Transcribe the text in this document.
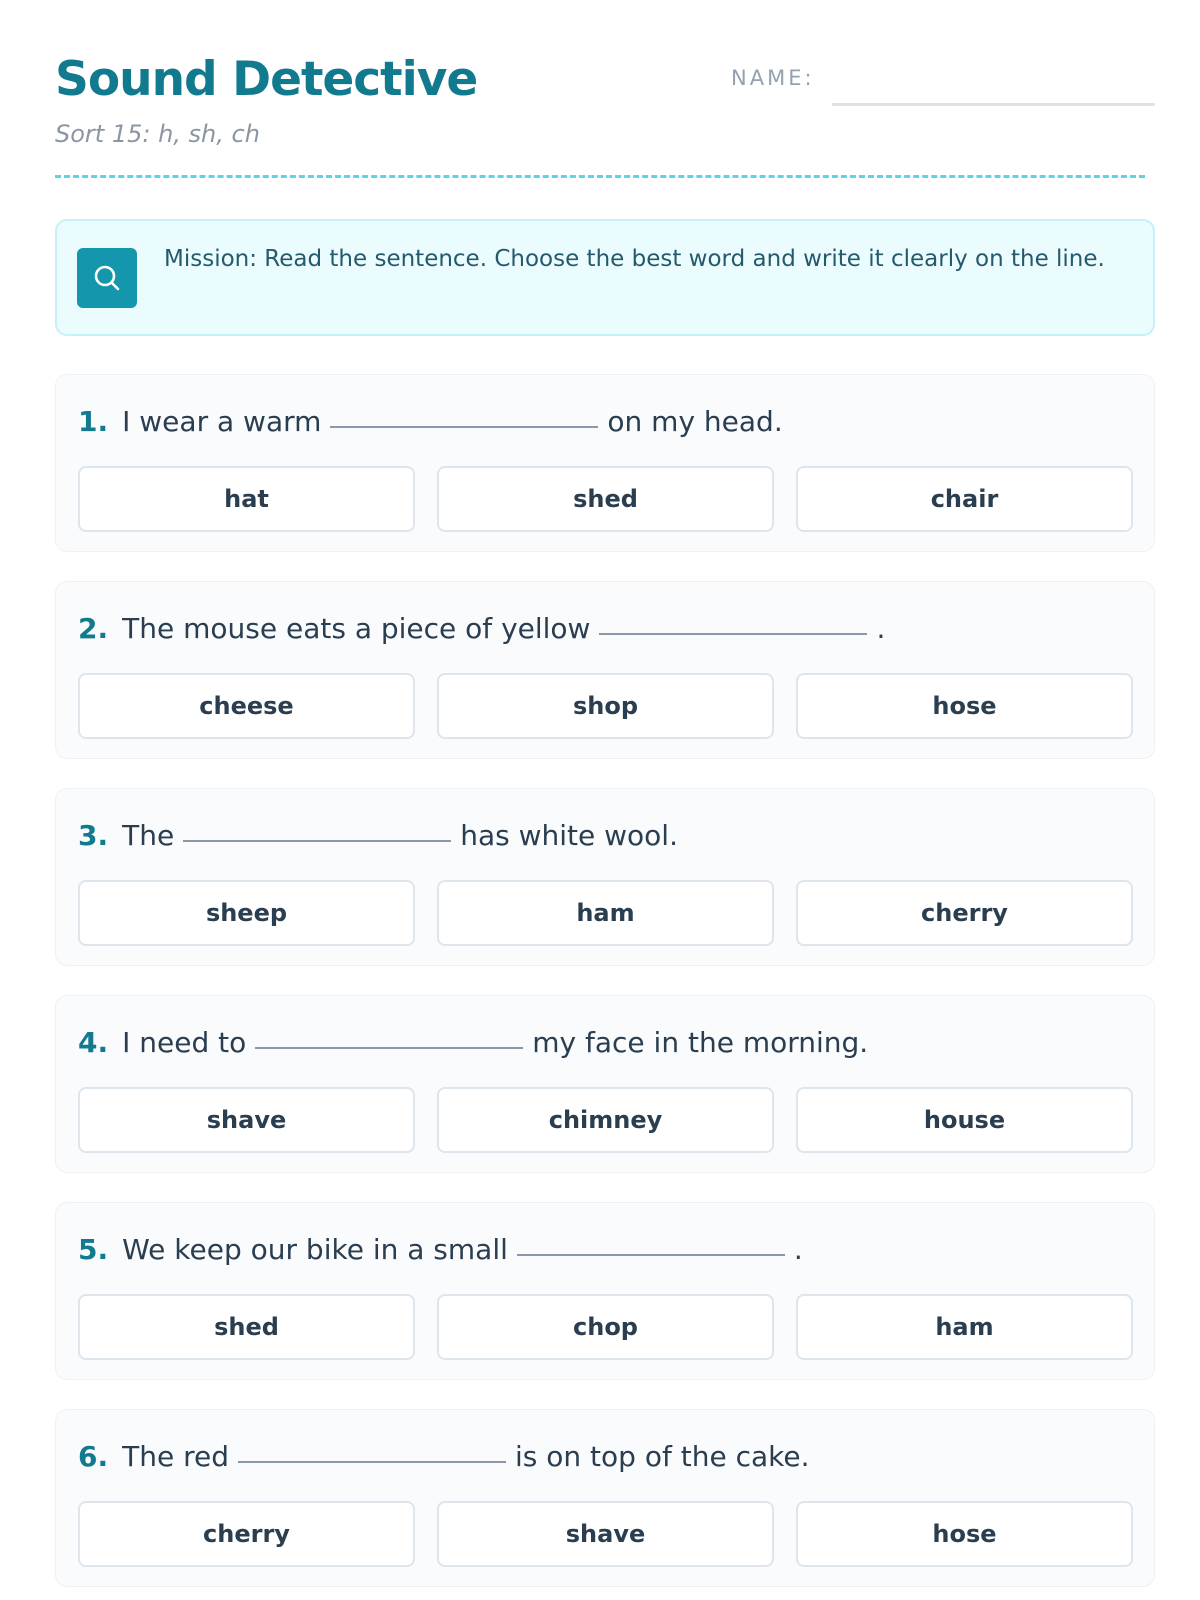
Sound Detective
Sort 15: h, sh, ch
NAME:
Mission: Read the sentence. Choose the best word and write it clearly on the line.
1. I wear a warm	on my head.
hat	shed	chair
2. The mouse eats a piece of yellow	.
cheese	shop	hose
3. The	has white wool.
sheep	ham	cherry
4. I need to	my face in the morning.
shave	chimney	house
5. We keep our bike in a small	.
shed	chop	ham
6. The red	is on top of the cake.
cherry	shave	hose
